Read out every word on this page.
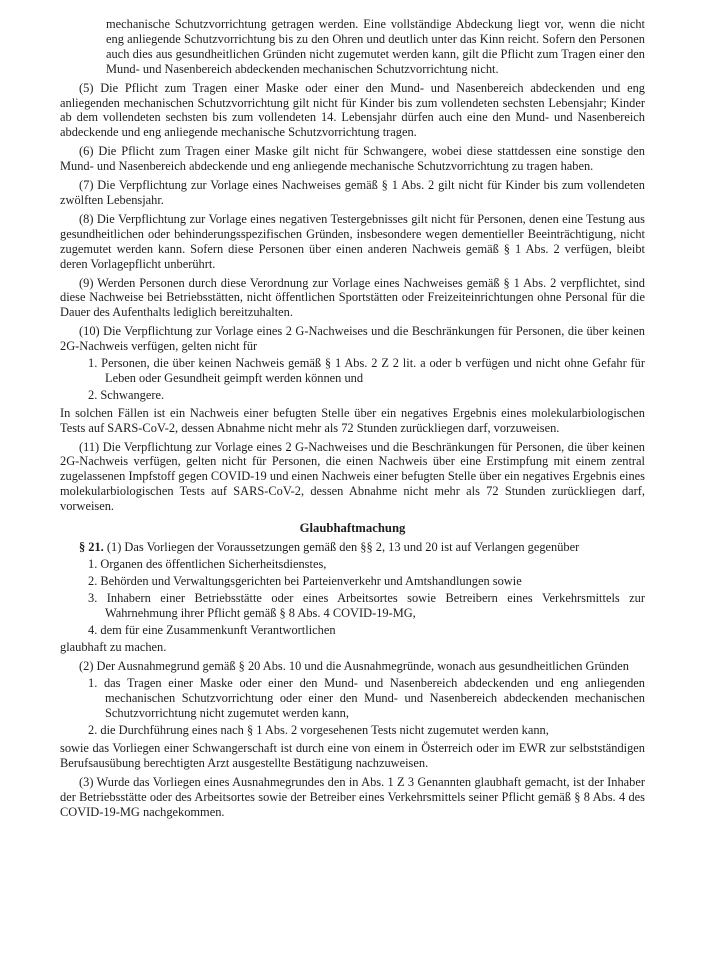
mechanische Schutzvorrichtung getragen werden. Eine vollständige Abdeckung liegt vor, wenn die nicht eng anliegende Schutzvorrichtung bis zu den Ohren und deutlich unter das Kinn reicht. Sofern den Personen auch dies aus gesundheitlichen Gründen nicht zugemutet werden kann, gilt die Pflicht zum Tragen einer den Mund- und Nasenbereich abdeckenden mechanischen Schutzvorrichtung nicht.

(5) Die Pflicht zum Tragen einer Maske oder einer den Mund- und Nasenbereich abdeckenden und eng anliegenden mechanischen Schutzvorrichtung gilt nicht für Kinder bis zum vollendeten sechsten Lebensjahr; Kinder ab dem vollendeten sechsten bis zum vollendeten 14. Lebensjahr dürfen auch eine den Mund- und Nasenbereich abdeckende und eng anliegende mechanische Schutzvorrichtung tragen.

(6) Die Pflicht zum Tragen einer Maske gilt nicht für Schwangere, wobei diese stattdessen eine sonstige den Mund- und Nasenbereich abdeckende und eng anliegende mechanische Schutzvorrichtung zu tragen haben.

(7) Die Verpflichtung zur Vorlage eines Nachweises gemäß § 1 Abs. 2 gilt nicht für Kinder bis zum vollendeten zwölften Lebensjahr.

(8) Die Verpflichtung zur Vorlage eines negativen Testergebnisses gilt nicht für Personen, denen eine Testung aus gesundheitlichen oder behinderungsspezifischen Gründen, insbesondere wegen dementieller Beeinträchtigung, nicht zugemutet werden kann. Sofern diese Personen über einen anderen Nachweis gemäß § 1 Abs. 2 verfügen, bleibt deren Vorlagepflicht unberührt.

(9) Werden Personen durch diese Verordnung zur Vorlage eines Nachweises gemäß § 1 Abs. 2 verpflichtet, sind diese Nachweise bei Betriebsstätten, nicht öffentlichen Sportstätten oder Freizeiteinrichtungen ohne Personal für die Dauer des Aufenthalts lediglich bereitzuhalten.

(10) Die Verpflichtung zur Vorlage eines 2 G-Nachweises und die Beschränkungen für Personen, die über keinen 2G-Nachweis verfügen, gelten nicht für

1. Personen, die über keinen Nachweis gemäß § 1 Abs. 2 Z 2 lit. a oder b verfügen und nicht ohne Gefahr für Leben oder Gesundheit geimpft werden können und

2. Schwangere.

In solchen Fällen ist ein Nachweis einer befugten Stelle über ein negatives Ergebnis eines molekularbiologischen Tests auf SARS-CoV-2, dessen Abnahme nicht mehr als 72 Stunden zurückliegen darf, vorzuweisen.

(11) Die Verpflichtung zur Vorlage eines 2 G-Nachweises und die Beschränkungen für Personen, die über keinen 2G-Nachweis verfügen, gelten nicht für Personen, die einen Nachweis über eine Erstimpfung mit einem zentral zugelassenen Impfstoff gegen COVID-19 und einen Nachweis einer befugten Stelle über ein negatives Ergebnis eines molekularbiologischen Tests auf SARS-CoV-2, dessen Abnahme nicht mehr als 72 Stunden zurückliegen darf, vorweisen.

Glaubhaftmachung

§ 21. (1) Das Vorliegen der Voraussetzungen gemäß den §§ 2, 13 und 20 ist auf Verlangen gegenüber

1. Organen des öffentlichen Sicherheitsdienstes,

2. Behörden und Verwaltungsgerichten bei Parteienverkehr und Amtshandlungen sowie

3. Inhabern einer Betriebsstätte oder eines Arbeitsortes sowie Betreibern eines Verkehrsmittels zur Wahrnehmung ihrer Pflicht gemäß § 8 Abs. 4 COVID-19-MG,

4. dem für eine Zusammenkunft Verantwortlichen

glaubhaft zu machen.

(2) Der Ausnahmegrund gemäß § 20 Abs. 10 und die Ausnahmegründe, wonach aus gesundheitlichen Gründen

1. das Tragen einer Maske oder einer den Mund- und Nasenbereich abdeckenden und eng anliegenden mechanischen Schutzvorrichtung oder einer den Mund- und Nasenbereich abdeckenden mechanischen Schutzvorrichtung nicht zugemutet werden kann,

2. die Durchführung eines nach § 1 Abs. 2 vorgesehenen Tests nicht zugemutet werden kann,

sowie das Vorliegen einer Schwangerschaft ist durch eine von einem in Österreich oder im EWR zur selbstständigen Berufsausübung berechtigten Arzt ausgestellte Bestätigung nachzuweisen.

(3) Wurde das Vorliegen eines Ausnahmegrundes den in Abs. 1 Z 3 Genannten glaubhaft gemacht, ist der Inhaber der Betriebsstätte oder des Arbeitsortes sowie der Betreiber eines Verkehrsmittels seiner Pflicht gemäß § 8 Abs. 4 des COVID-19-MG nachgekommen.
